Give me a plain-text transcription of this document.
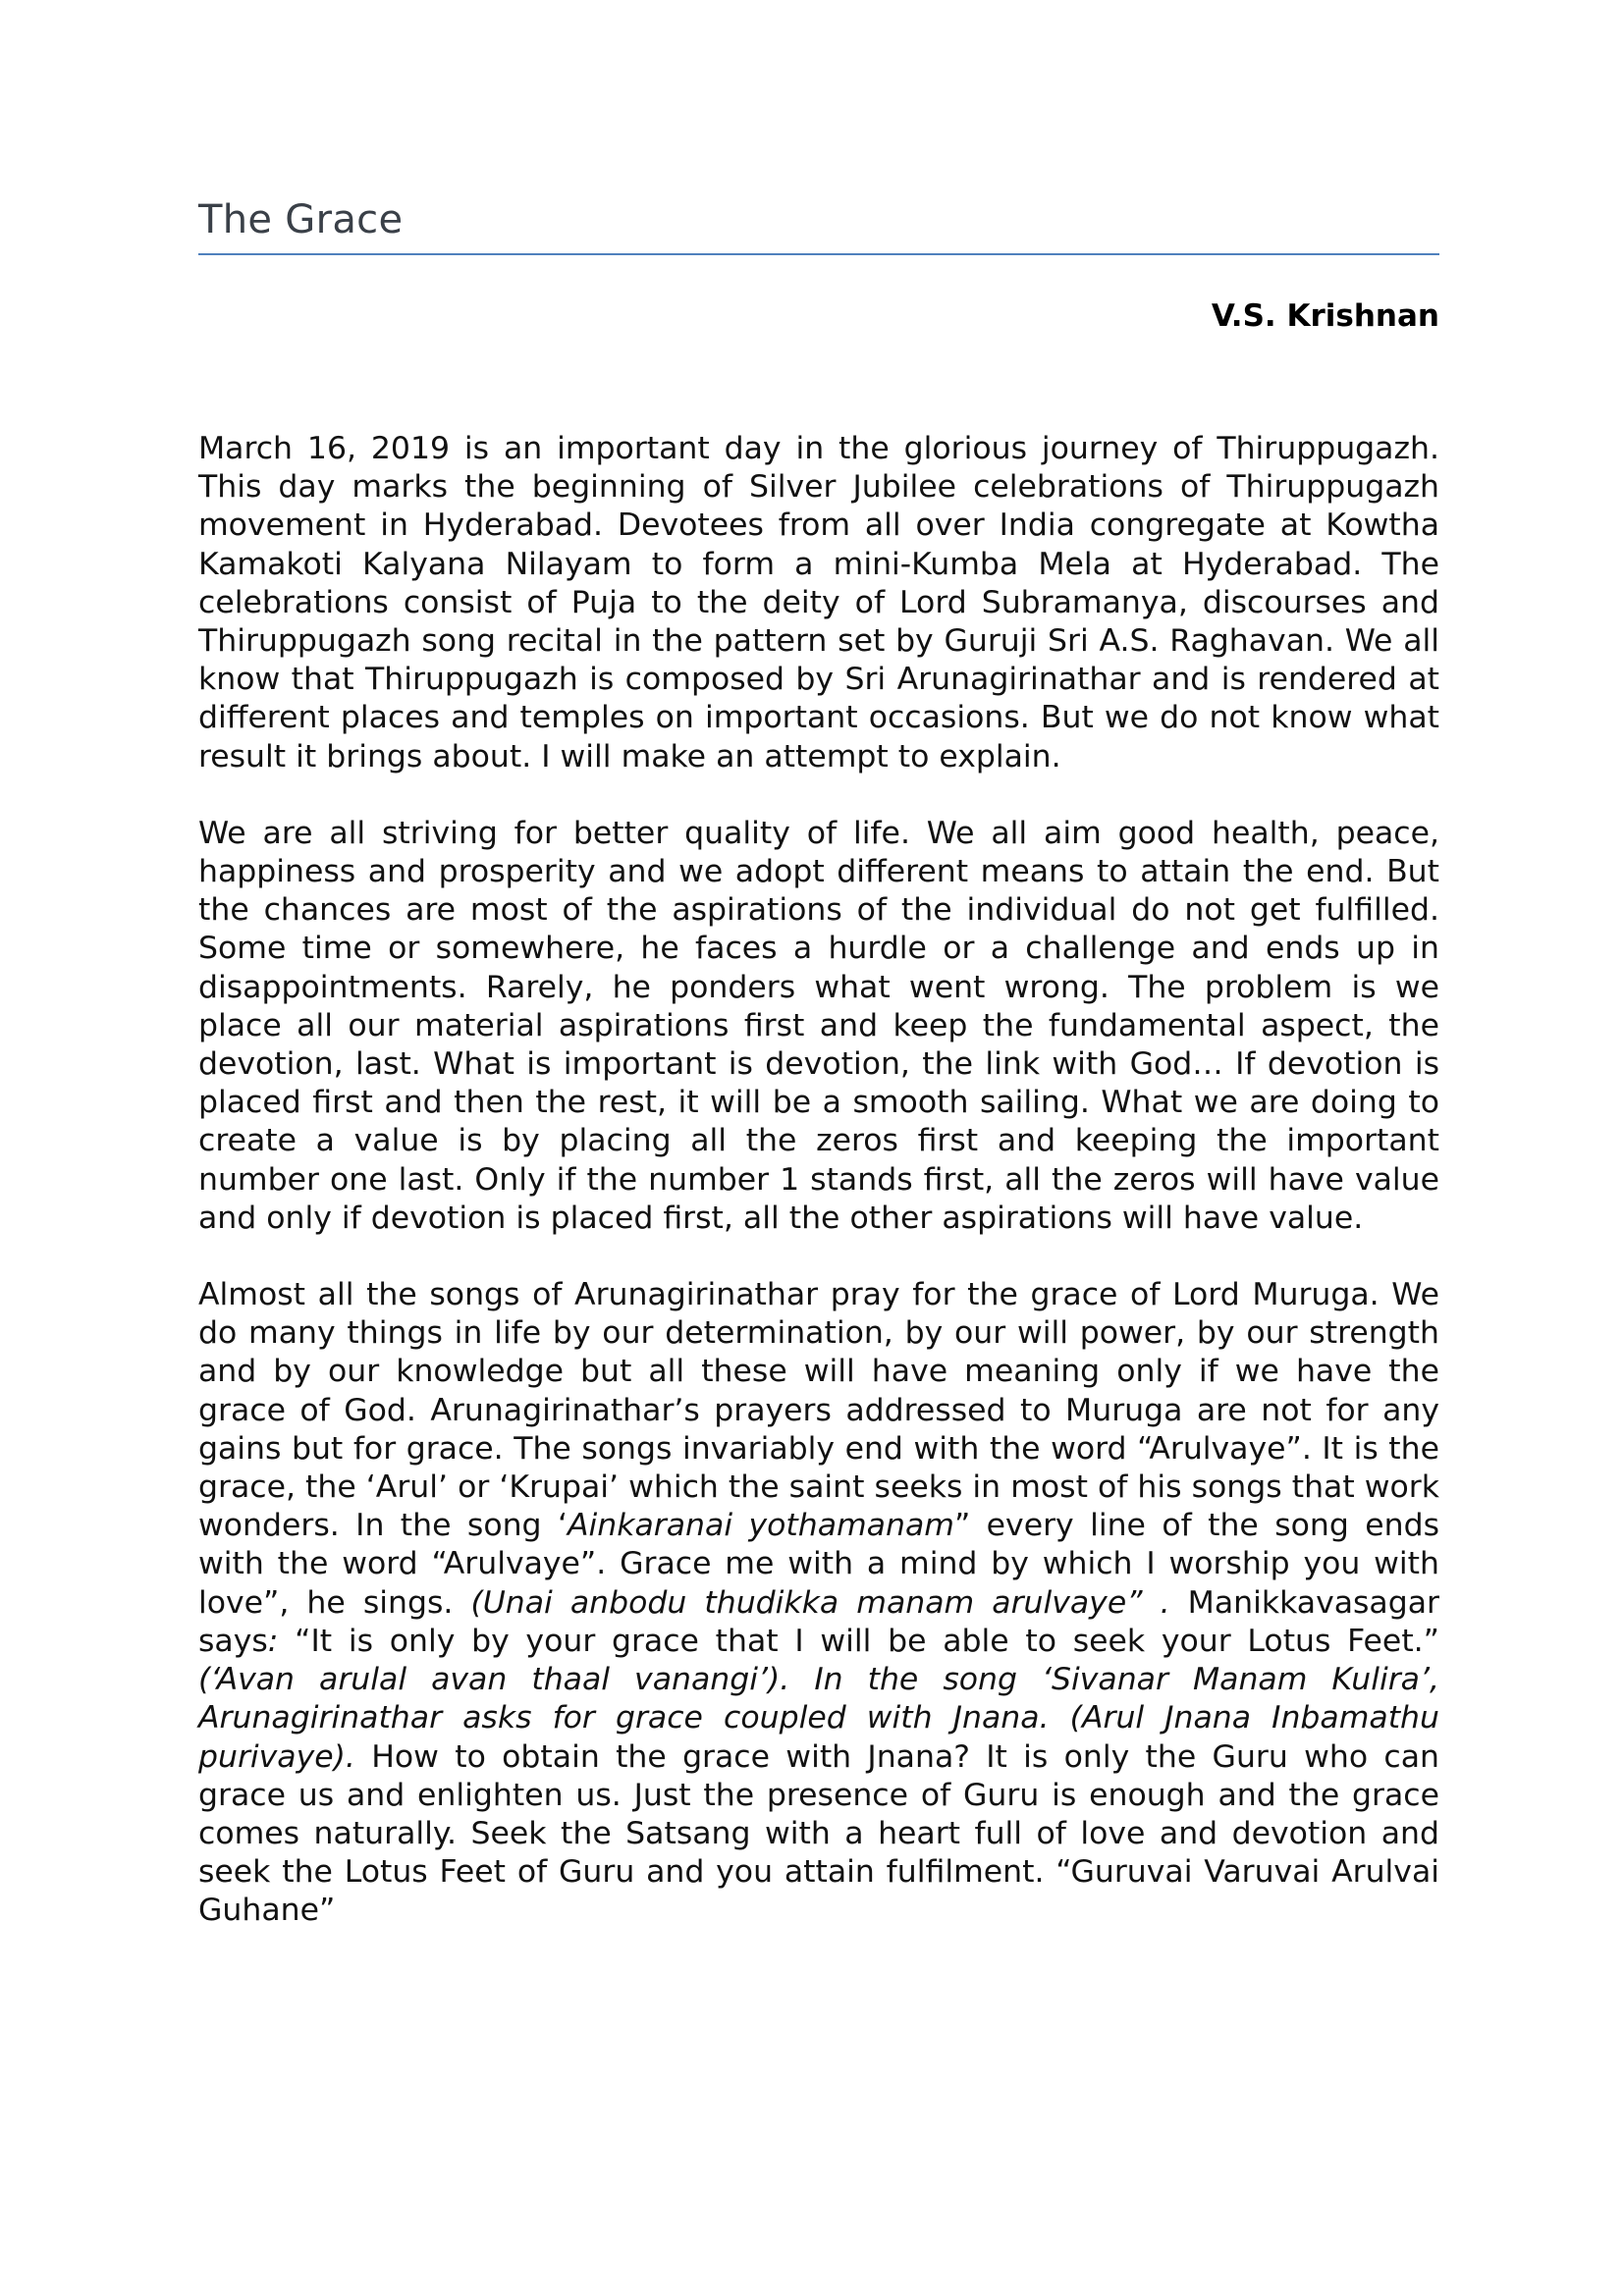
The Grace
V.S. Krishnan

March 16, 2019 is an important day in the glorious journey of Thiruppugazh. This day marks the beginning of Silver Jubilee celebrations of Thiruppugazh movement in Hyderabad. Devotees from all over India congregate at Kowtha Kamakoti Kalyana Nilayam to form a mini-Kumba Mela at Hyderabad. The celebrations consist of Puja to the deity of Lord Subramanya, discourses and Thiruppugazh song recital in the pattern set by Guruji Sri A.S. Raghavan. We all know that Thiruppugazh is composed by Sri Arunagirinathar and is rendered at different places and temples on important occasions. But we do not know what result it brings about. I will make an attempt to explain.

We are all striving for better quality of life. We all aim good health, peace, happiness and prosperity and we adopt different means to attain the end. But the chances are most of the aspirations of the individual do not get fulfilled. Some time or somewhere, he faces a hurdle or a challenge and ends up in disappointments. Rarely, he ponders what went wrong. The problem is we place all our material aspirations first and keep the fundamental aspect, the devotion, last. What is important is devotion, the link with God… If devotion is placed first and then the rest, it will be a smooth sailing. What we are doing to create a value is by placing all the zeros first and keeping the important number one last. Only if the number 1 stands first, all the zeros will have value and only if devotion is placed first, all the other aspirations will have value.

Almost all the songs of Arunagirinathar pray for the grace of Lord Muruga. We do many things in life by our determination, by our will power, by our strength and by our knowledge but all these will have meaning only if we have the grace of God. Arunagirinathar’s prayers addressed to Muruga are not for any gains but for grace. The songs invariably end with the word “Arulvaye”. It is the grace, the ‘Arul’ or ‘Krupai’ which the saint seeks in most of his songs that work wonders. In the song ‘Ainkaranai yothamanam” every line of the song ends with the word “Arulvaye”. Grace me with a mind by which I worship you with love”, he sings. (Unai anbodu thudikka manam arulvaye” . Manikkavasagar says: “It is only by your grace that I will be able to seek your Lotus Feet.” (‘Avan arulal avan thaal vanangi’). In the song ‘Sivanar Manam Kulira’, Arunagirinathar asks for grace coupled with Jnana. (Arul Jnana Inbamathu purivaye). How to obtain the grace with Jnana? It is only the Guru who can grace us and enlighten us. Just the presence of Guru is enough and the grace comes naturally. Seek the Satsang with a heart full of love and devotion and seek the Lotus Feet of Guru and you attain fulfilment. “Guruvai Varuvai Arulvai Guhane”
